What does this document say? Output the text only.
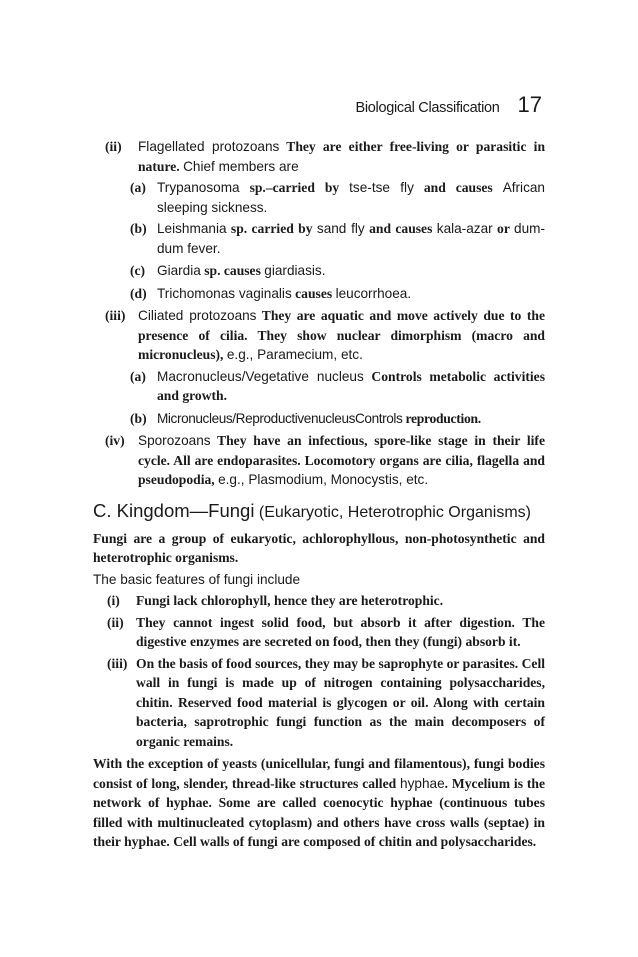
Biological Classification 17
(ii) Flagellated protozoans They are either free-living or parasitic in nature. Chief members are
(a) Trypanosoma sp.–carried by tse-tse fly and causes African sleeping sickness.
(b) Leishmania sp. carried by sand fly and causes kala-azar or dum-dum fever.
(c) Giardia sp. causes giardiasis.
(d) Trichomonas vaginalis causes leucorrhoea.
(iii) Ciliated protozoans They are aquatic and move actively due to the presence of cilia. They show nuclear dimorphism (macro and micronucleus), e.g., Paramecium, etc.
(a) Macronucleus/Vegetative nucleus Controls metabolic activities and growth.
(b) Micronucleus/ReproductivenucleusControls reproduction.
(iv) Sporozoans They have an infectious, spore-like stage in their life cycle. All are endoparasites. Locomotory organs are cilia, flagella and pseudopodia, e.g., Plasmodium, Monocystis, etc.
C. Kingdom—Fungi (Eukaryotic, Heterotrophic Organisms)
Fungi are a group of eukaryotic, achlorophyllous, non-photosynthetic and heterotrophic organisms.
The basic features of fungi include
(i) Fungi lack chlorophyll, hence they are heterotrophic.
(ii) They cannot ingest solid food, but absorb it after digestion. The digestive enzymes are secreted on food, then they (fungi) absorb it.
(iii) On the basis of food sources, they may be saprophyte or parasites. Cell wall in fungi is made up of nitrogen containing polysaccharides, chitin. Reserved food material is glycogen or oil. Along with certain bacteria, saprotrophic fungi function as the main decomposers of organic remains.
With the exception of yeasts (unicellular, fungi and filamentous), fungi bodies consist of long, slender, thread-like structures called hyphae. Mycelium is the network of hyphae. Some are called coenocytic hyphae (continuous tubes filled with multinucleated cytoplasm) and others have cross walls (septae) in their hyphae. Cell walls of fungi are composed of chitin and polysaccharides.
